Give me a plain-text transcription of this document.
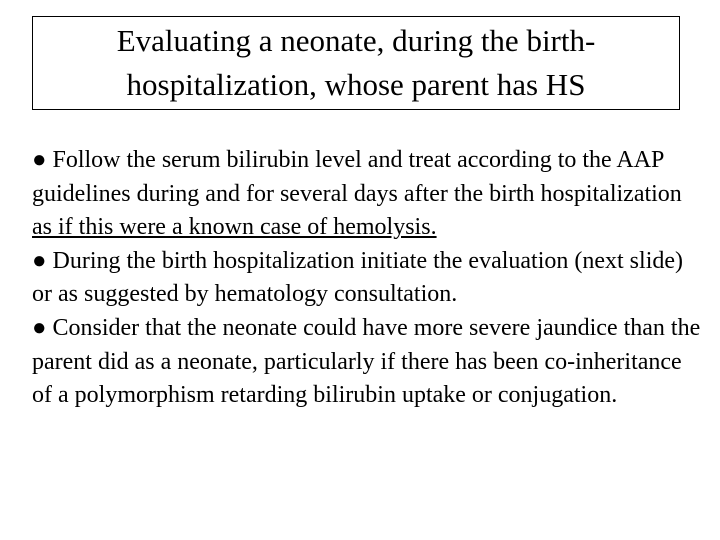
Evaluating a neonate, during the birth-
hospitalization, whose parent has HS

● Follow the serum bilirubin level and treat according to the AAP guidelines during and for several days after the birth hospitalization as if this were a known case of hemolysis.

● During the birth hospitalization initiate the evaluation (next slide) or as suggested by hematology consultation.

● Consider that the neonate could have more severe jaundice than the parent did as a neonate, particularly if there has been co-inheritance of a polymorphism retarding bilirubin uptake or conjugation.
